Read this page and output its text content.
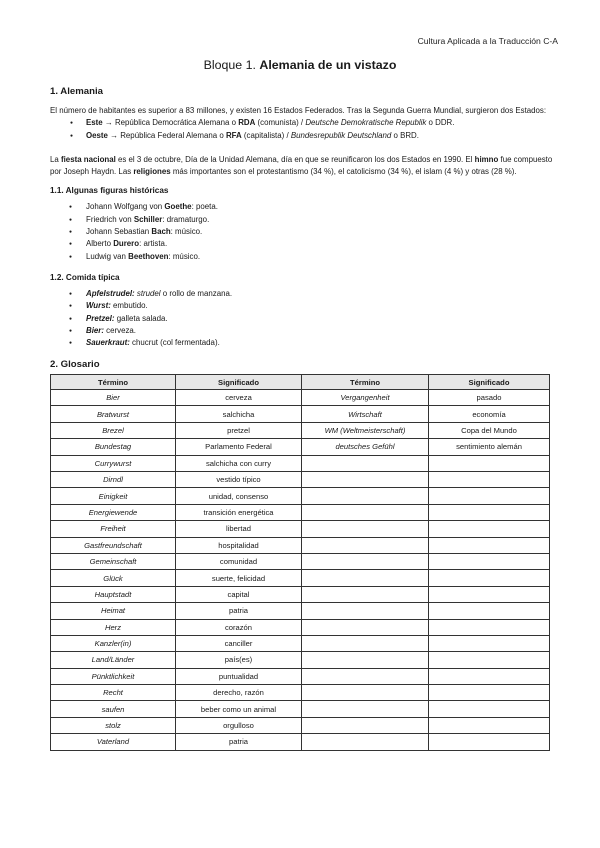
Cultura Aplicada a la Traducción C-A
Bloque 1. Alemania de un vistazo
1. Alemania

El número de habitantes es superior a 83 millones, y existen 16 Estados Federados. Tras la Segunda Guerra Mundial, surgieron dos Estados:

● Este → República Democrática Alemana o RDA (comunista) / Deutsche Demokratische Republik o DDR.
● Oeste → República Federal Alemana o RFA (capitalista) / Bundesrepublik Deutschland o BRD.

La fiesta nacional es el 3 de octubre, Día de la Unidad Alemana, día en que se reunificaron los dos Estados en 1990. El himno fue compuesto por Joseph Haydn. Las religiones más importantes son el protestantismo (34 %), el catolicismo (34 %), el islam (4 %) y otras (28 %).

1.1. Algunas figuras históricas
● Johann Wolfgang von Goethe: poeta.
● Friedrich von Schiller: dramaturgo.
● Johann Sebastian Bach: músico.
● Alberto Durero: artista.
● Ludwig van Beethoven: músico.
1.2. Comida típica
● Apfelstrudel: strudel o rollo de manzana.
● Wurst: embutido.
● Pretzel: galleta salada.
● Bier: cerveza.
● Sauerkraut: chucrut (col fermentada).
2. Glosario
Término	Significado	Término	Significado
Bier	cerveza	Vergangenheit	pasado
Bratwurst	salchicha	Wirtschaft	economía
Brezel	pretzel	WM (Weltmeisterschaft)	Copa del Mundo
Bundestag	Parlamento Federal	deutsches Gefühl	sentimiento alemán
Currywurst	salchicha con curry		
Dirndl	vestido típico		
Einigkeit	unidad, consenso		
Energiewende	transición energética		
Freiheit	libertad		
Gastfreundschaft	hospitalidad		
Gemeinschaft	comunidad		
Glück	suerte, felicidad		
Hauptstadt	capital		
Heimat	patria		
Herz	corazón		
Kanzler(in)	canciller		
Land/Länder	país(es)		
Pünktlichkeit	puntualidad		
Recht	derecho, razón		
saufen	beber como un animal		
stolz	orgulloso		
Vaterland	patria		
